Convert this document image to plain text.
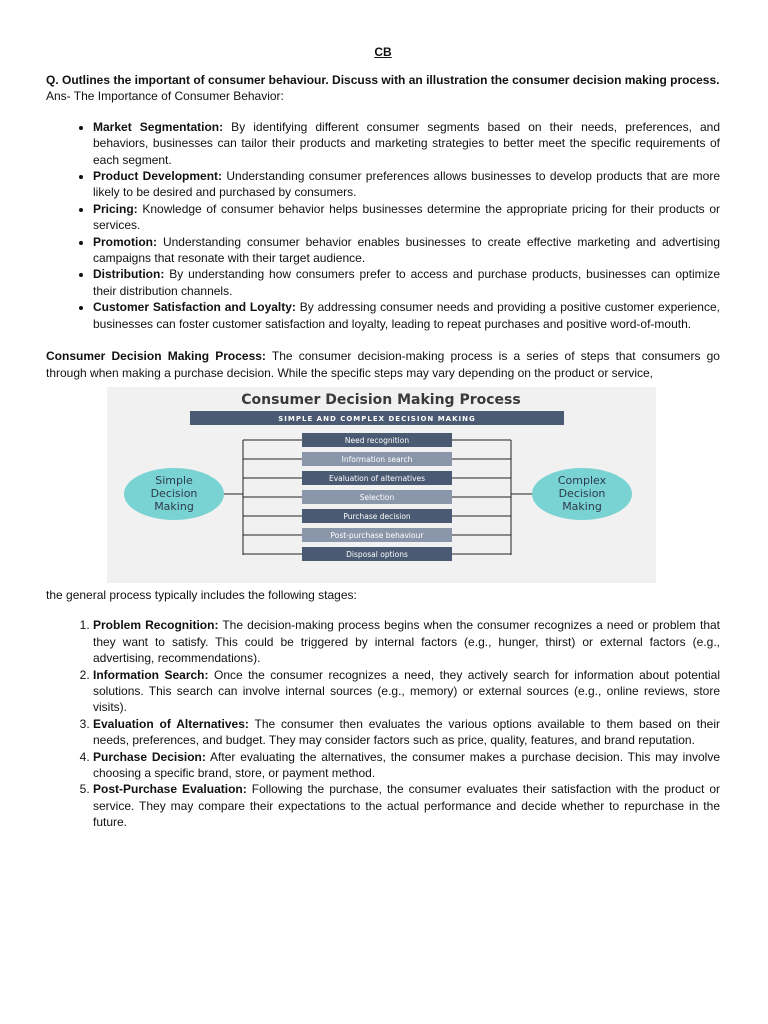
CB

Q. Outlines the important of consumer behaviour. Discuss with an illustration the consumer decision making process.

Ans- The Importance of Consumer Behavior:

• Market Segmentation: By identifying different consumer segments based on their needs, preferences, and behaviors, businesses can tailor their products and marketing strategies to better meet the specific requirements of each segment.
• Product Development: Understanding consumer preferences allows businesses to develop products that are more likely to be desired and purchased by consumers.
• Pricing: Knowledge of consumer behavior helps businesses determine the appropriate pricing for their products or services.
• Promotion: Understanding consumer behavior enables businesses to create effective marketing and advertising campaigns that resonate with their target audience.
• Distribution: By understanding how consumers prefer to access and purchase products, businesses can optimize their distribution channels.
• Customer Satisfaction and Loyalty: By addressing consumer needs and providing a positive customer experience, businesses can foster customer satisfaction and loyalty, leading to repeat purchases and positive word-of-mouth.

Consumer Decision Making Process: The consumer decision-making process is a series of steps that consumers go through when making a purchase decision. While the specific steps may vary depending on the product or service,

Consumer Decision Making Process
SIMPLE AND COMPLEX DECISION MAKING
Need recognition
Information search
Evaluation of alternatives
Selection
Purchase decision
Post-purchase behaviour
Disposal options
Simple
Decision
Making
Complex
Decision
Making

the general process typically includes the following stages:

1. Problem Recognition: The decision-making process begins when the consumer recognizes a need or problem that they want to satisfy. This could be triggered by internal factors (e.g., hunger, thirst) or external factors (e.g., advertising, recommendations).
2. Information Search: Once the consumer recognizes a need, they actively search for information about potential solutions. This search can involve internal sources (e.g., memory) or external sources (e.g., online reviews, store visits).
3. Evaluation of Alternatives: The consumer then evaluates the various options available to them based on their needs, preferences, and budget. They may consider factors such as price, quality, features, and brand reputation.
4. Purchase Decision: After evaluating the alternatives, the consumer makes a purchase decision. This may involve choosing a specific brand, store, or payment method.
5. Post-Purchase Evaluation: Following the purchase, the consumer evaluates their satisfaction with the product or service. They may compare their expectations to the actual performance and decide whether to repurchase in the future.
